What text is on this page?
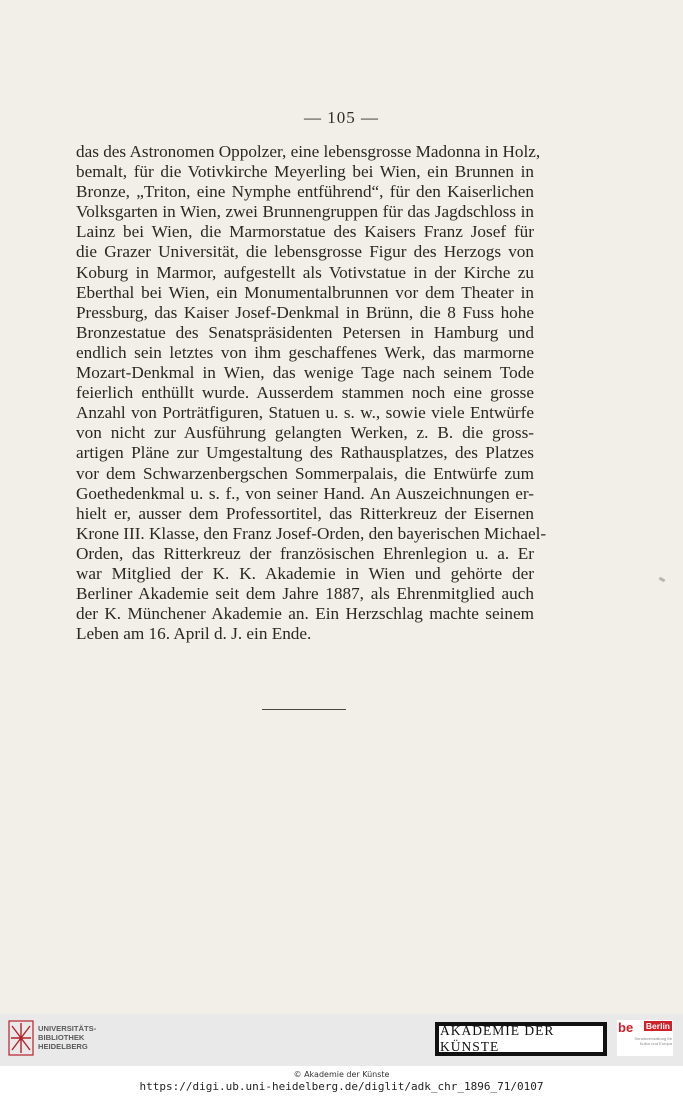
— 105 —
das des Astronomen Oppolzer, eine lebensgrosse Madonna in Holz,
bemalt, für die Votivkirche Meyerling bei Wien, ein Brunnen in
Bronze, „Triton, eine Nymphe entführend“, für den Kaiserlichen
Volksgarten in Wien, zwei Brunnengruppen für das Jagdschloss in
Lainz bei Wien, die Marmorstatue des Kaisers Franz Josef für
die Grazer Universität, die lebensgrosse Figur des Herzogs von
Koburg in Marmor, aufgestellt als Votivstatue in der Kirche zu
Eberthal bei Wien, ein Monumentalbrunnen vor dem Theater in
Pressburg, das Kaiser Josef-Denkmal in Brünn, die 8 Fuss hohe
Bronzestatue des Senatspräsidenten Petersen in Hamburg und
endlich sein letztes von ihm geschaffenes Werk, das marmorne
Mozart-Denkmal in Wien, das wenige Tage nach seinem Tode
feierlich enthüllt wurde. Ausserdem stammen noch eine grosse
Anzahl von Porträtfiguren, Statuen u. s. w., sowie viele Entwürfe
von nicht zur Ausführung gelangten Werken, z. B. die gross-
artigen Pläne zur Umgestaltung des Rathausplatzes, des Platzes
vor dem Schwarzenbergschen Sommerpalais, die Entwürfe zum
Goethedenkmal u. s. f., von seiner Hand. An Auszeichnungen er-
hielt er, ausser dem Professortitel, das Ritterkreuz der Eisernen
Krone III. Klasse, den Franz Josef-Orden, den bayerischen Michael-
Orden, das Ritterkreuz der französischen Ehrenlegion u. a. Er
war Mitglied der K. K. Akademie in Wien und gehörte der
Berliner Akademie seit dem Jahre 1887, als Ehrenmitglied auch
der K. Münchener Akademie an. Ein Herzschlag machte seinem
Leben am 16. April d. J. ein Ende.
UNIVERSITÄTS-
BIBLIOTHEK
HEIDELBERG
AKADEMIE DER KÜNSTE
be Berlin
Senatsverwaltung für Kultur und Europa
© Akademie der Künste
https://digi.ub.uni-heidelberg.de/diglit/adk_chr_1896_71/0107
